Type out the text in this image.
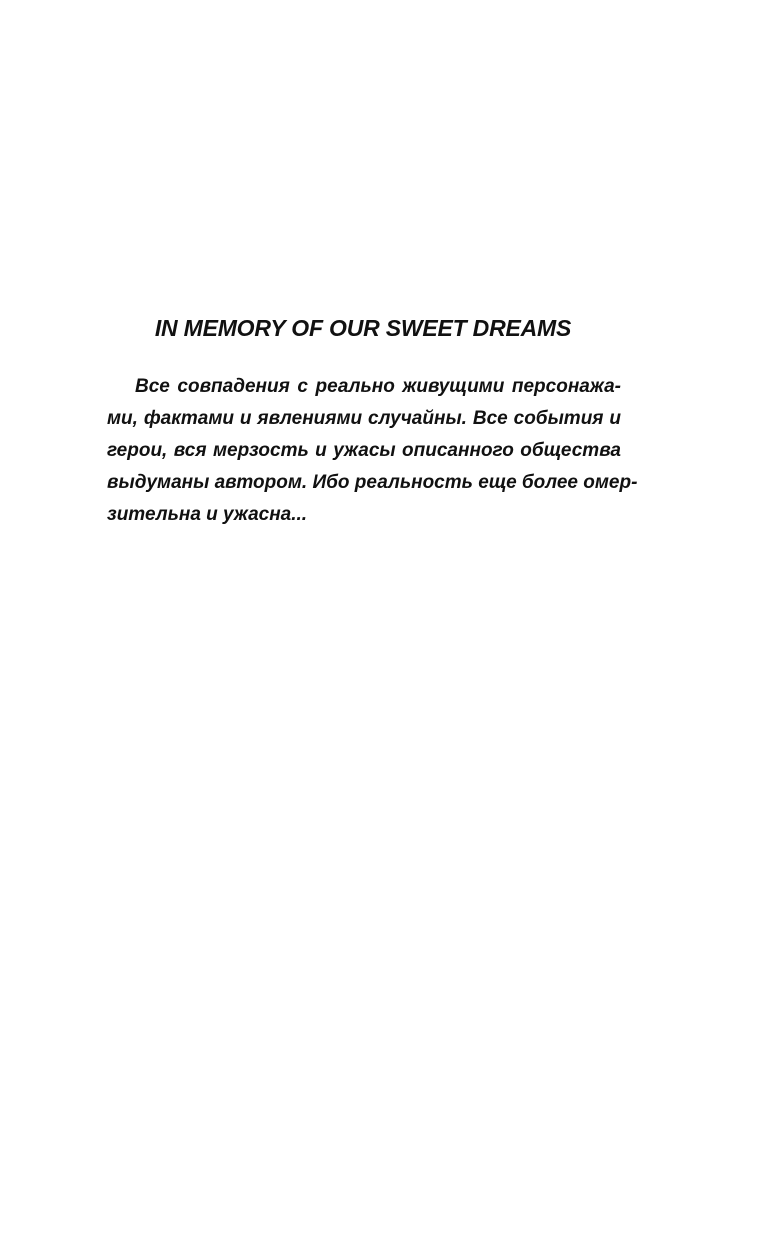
IN MEMORY OF OUR SWEET DREAMS
Все совпадения с реально живущими персонажа-
ми, фактами и явлениями случайны. Все события и
герои, вся мерзость и ужасы описанного общества
выдуманы автором. Ибо реальность еще более омер-
зительна и ужасна...
